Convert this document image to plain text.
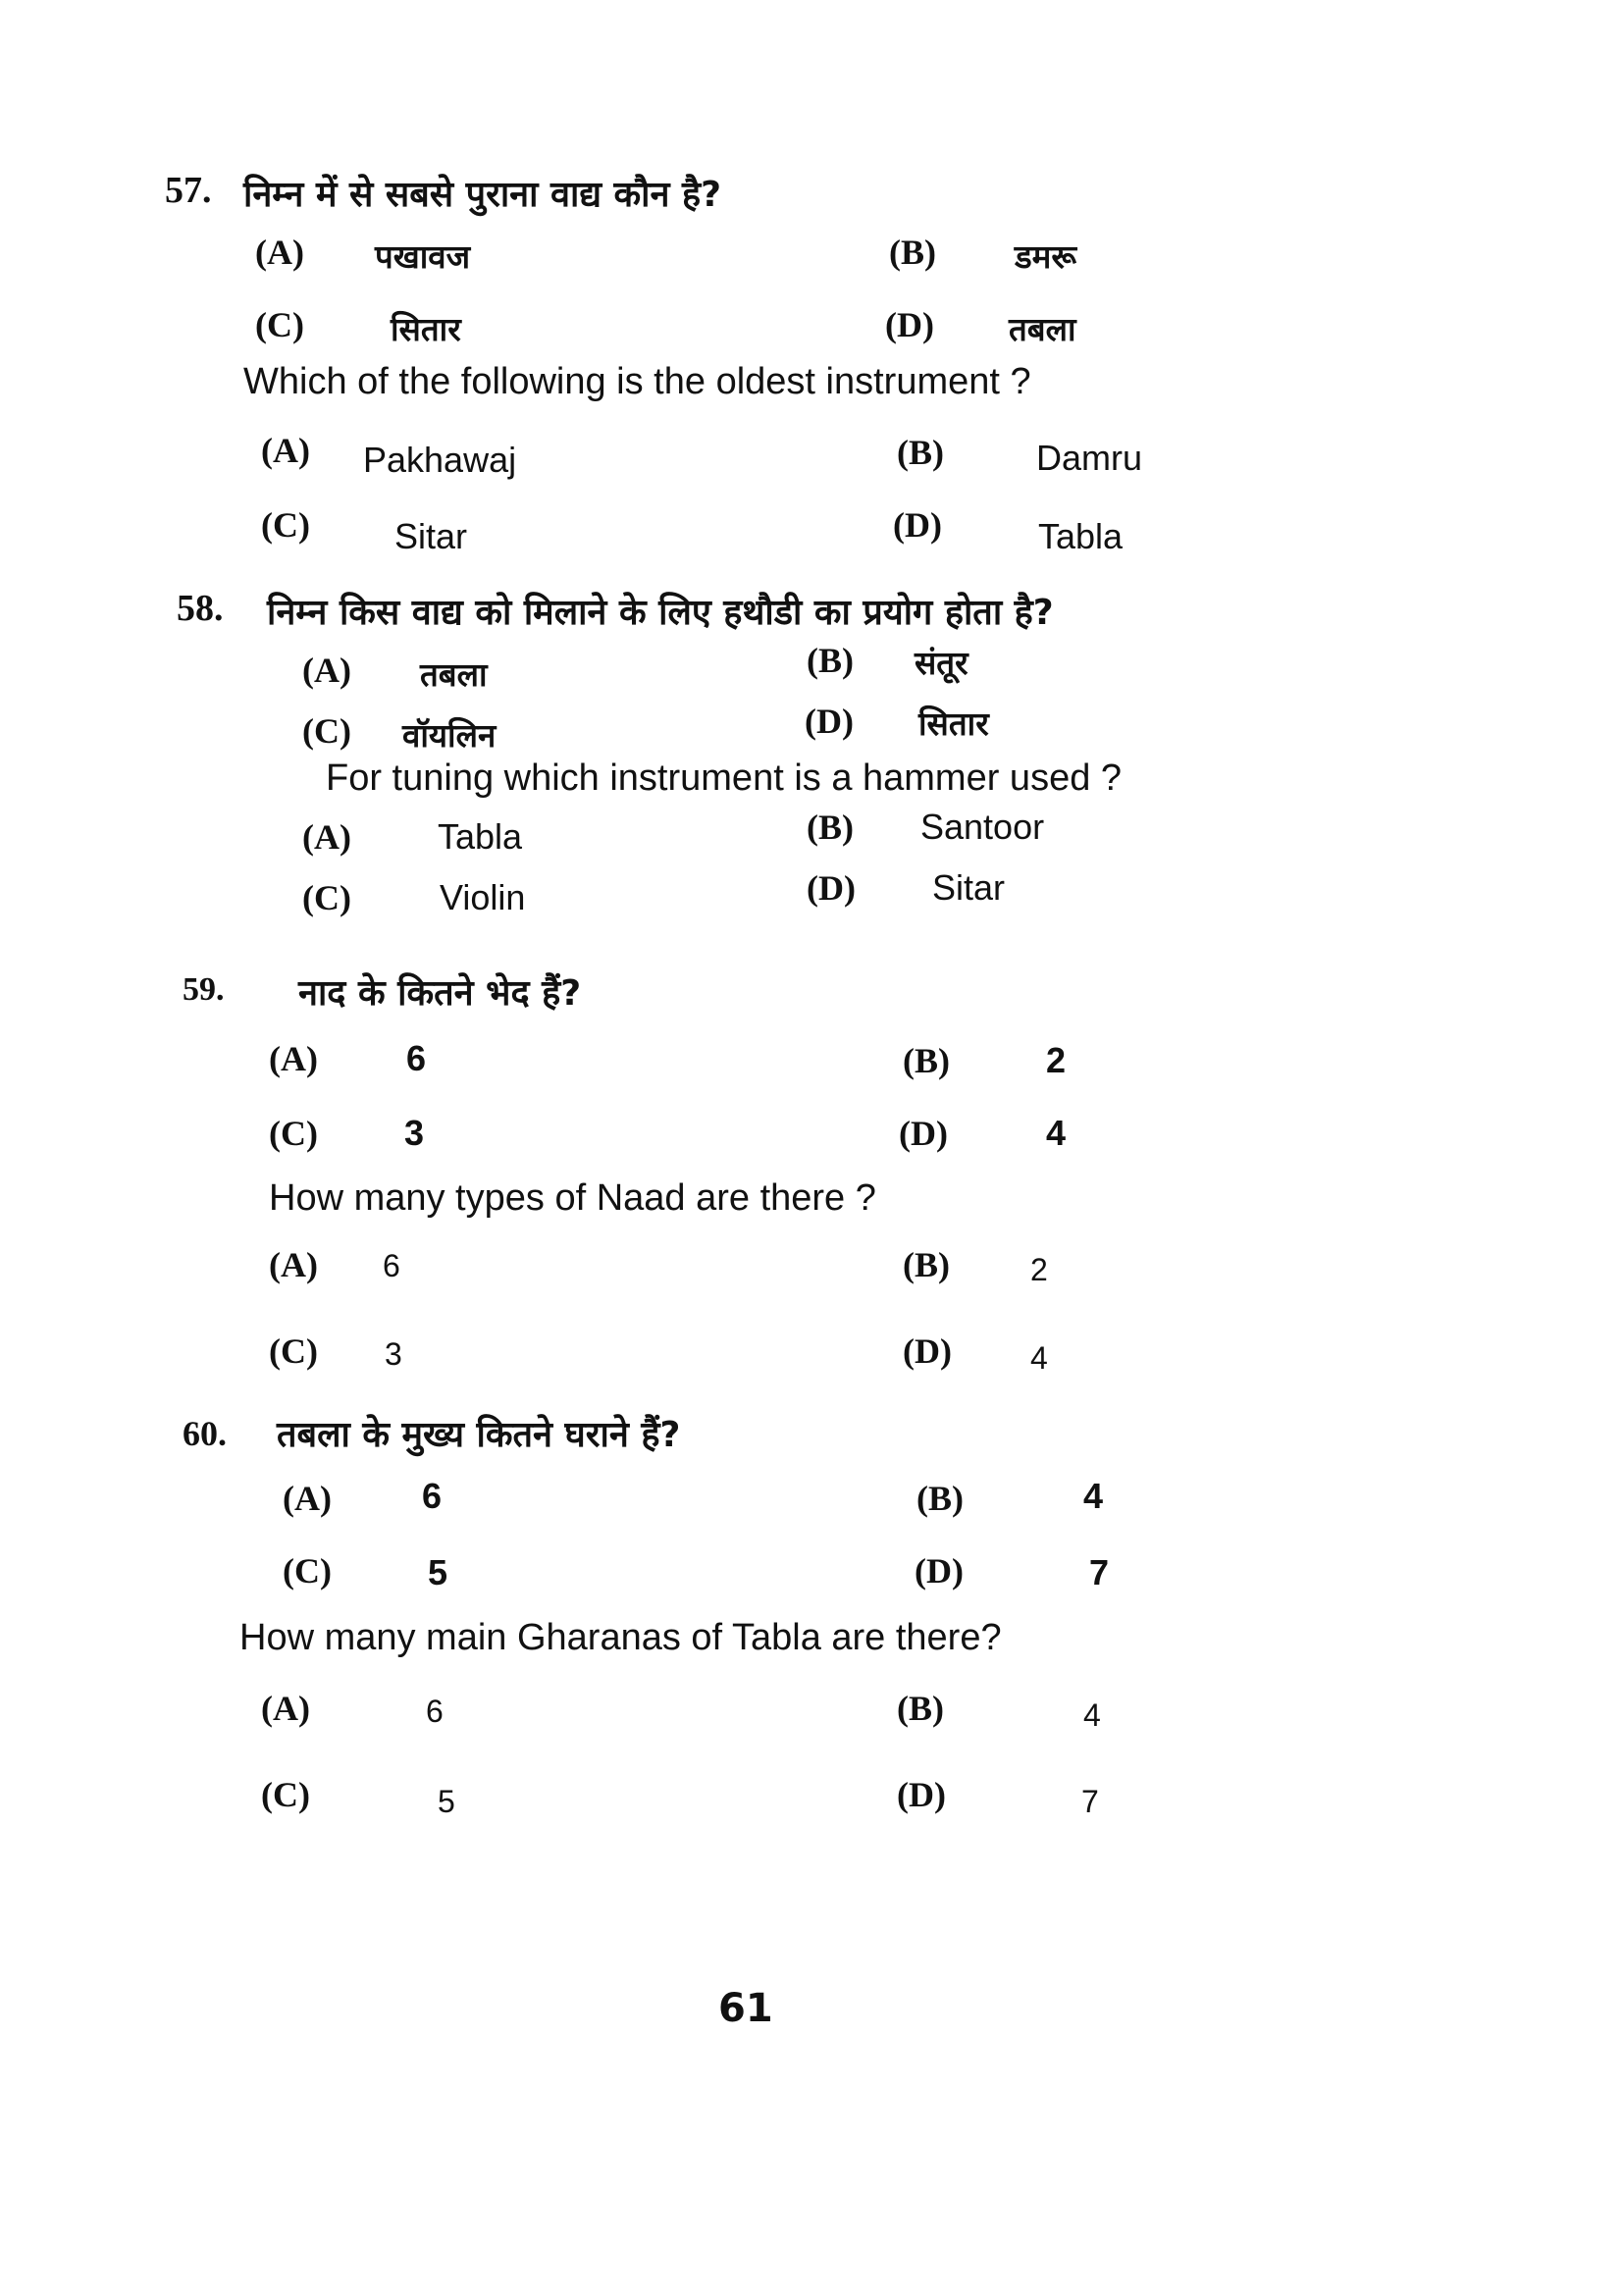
57. निम्न में से सबसे पुराना वाद्य कौन है?
(A) पखावज	(B) डमरू
(C)	सितार	(D) तबला
Which of the following is the oldest instrument ?
(A) Pakhawaj	(B)	Damru
(C) Sitar	(D)	Tabla
58. निम्न किस वाद्य को मिलाने के लिए हथौडी का प्रयोग होता है?
(A) तबला	(B) संतूर
(C) वॉयलिन	(D) सितार
For tuning which instrument is a hammer used ?
(A) Tabla	(B) Santoor
(C)	Violin	(D) Sitar
59. नाद के कितने भेद हैं?
(A)	6	(B)	2
(C) 3	(D)	4
How many types of Naad are there ?
(A) 6	(B)	2
(C) 3	(D)	4
60. तबला के मुख्य कितने घराने हैं?
(A)	6	(B)	4
(C)	5	(D)	7
How many main Gharanas of Tabla are there?
(A)	6	(B)	4
(C)	5	(D)	7
61
